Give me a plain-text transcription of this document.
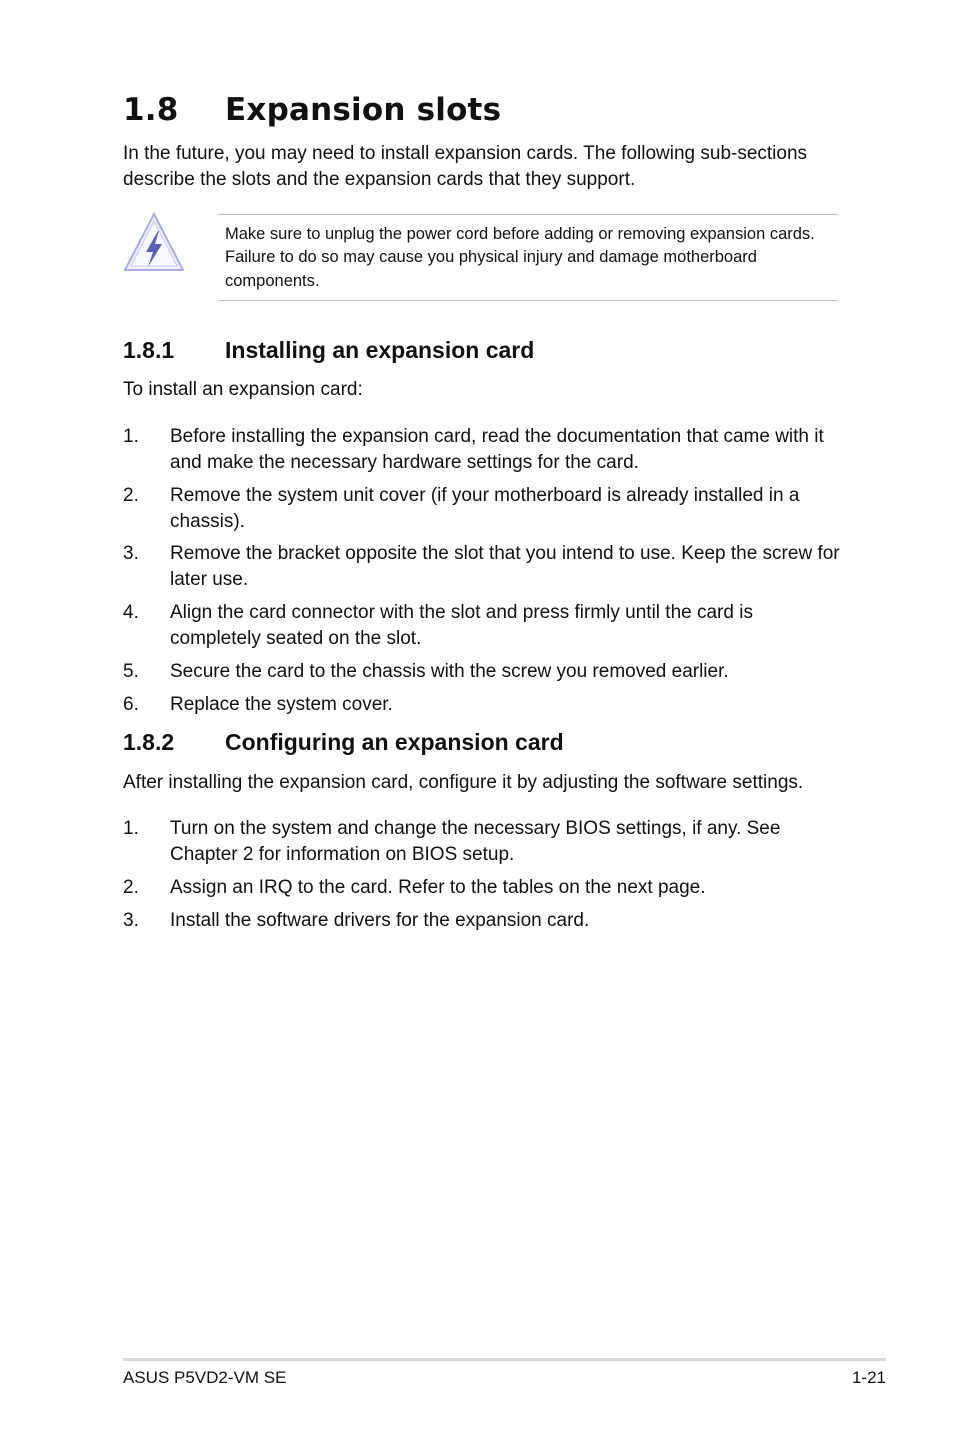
1.8	Expansion slots

In the future, you may need to install expansion cards. The following sub-sections describe the slots and the expansion cards that they support.

Make sure to unplug the power cord before adding or removing expansion cards. Failure to do so may cause you physical injury and damage motherboard components.

1.8.1	Installing an expansion card

To install an expansion card:

1.	Before installing the expansion card, read the documentation that came with it and make the necessary hardware settings for the card.
2.	Remove the system unit cover (if your motherboard is already installed in a chassis).
3.	Remove the bracket opposite the slot that you intend to use. Keep the screw for later use.
4.	Align the card connector with the slot and press firmly until the card is completely seated on the slot.
5.	Secure the card to the chassis with the screw you removed earlier.
6.	Replace the system cover.
1.8.2	Configuring an expansion card

After installing the expansion card, configure it by adjusting the software settings.

1.	Turn on the system and change the necessary BIOS settings, if any. See Chapter 2 for information on BIOS setup.
2.	Assign an IRQ to the card. Refer to the tables on the next page.
3.	Install the software drivers for the expansion card.
ASUS P5VD2-VM SE	1-21
